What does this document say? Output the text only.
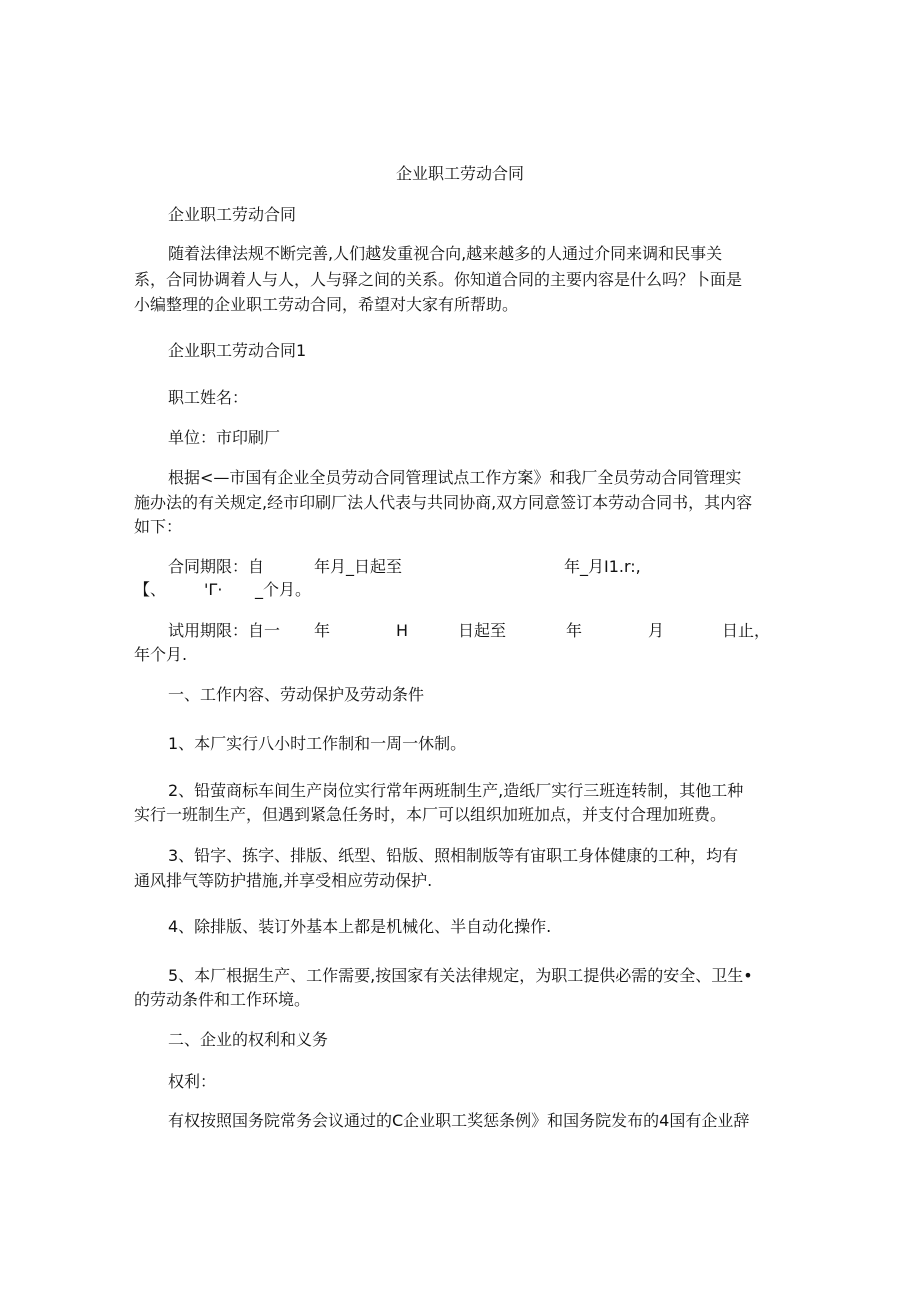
企业职工劳动合同
企业职工劳动合同
随着法律法规不断完善,人们越发重视合向,越来越多的人通过介同来调和民事关
系，合同协调着人与人，人与驿之间的关系。你知道合同的主要内容是什么吗？卜面是
小编整理的企业职工劳动合同，希望对大家有所帮助。
企业职工劳动合同1
职工姓名：
单位：市印刷厂
根据<—市国有企业全员劳动合同管理试点工作方案》和我厂全员劳动合同管理实
施办法的有关规定,经市印刷厂法人代表与共同协商,双方同意签订本劳动合同书，其内容
如下：
合同期限：自	年月_日起至	年_月I1.r:,
【、 'Γ· _个月。
试用期限：自一 年	H	日起至	年	月	日止，
年个月.
一、工作内容、劳动保护及劳动条件
1、本厂实行八小时工作制和一周一休制。
2、铅萤商标车间生产岗位实行常年两班制生产,造纸厂实行三班连转制，其他工种
实行一班制生产，但遇到紧急任务时，本厂可以组织加班加点，并支付合理加班费。
3、铅字、拣字、排版、纸型、铅版、照相制版等有宙职工身体健康的工种，均有
通风排气等防护措施,并享受相应劳动保护.
4、除排版、装订外基本上都是机械化、半自动化操作.
5、本厂根据生产、工作需要,按国家有关法律规定，为职工提供必需的安全、卫生•
的劳动条件和工作环境。
二、企业的权利和义务
权利：
有权按照国务院常务会议通过的C企业职工奖惩条例》和国务院发布的4国有企业辞
